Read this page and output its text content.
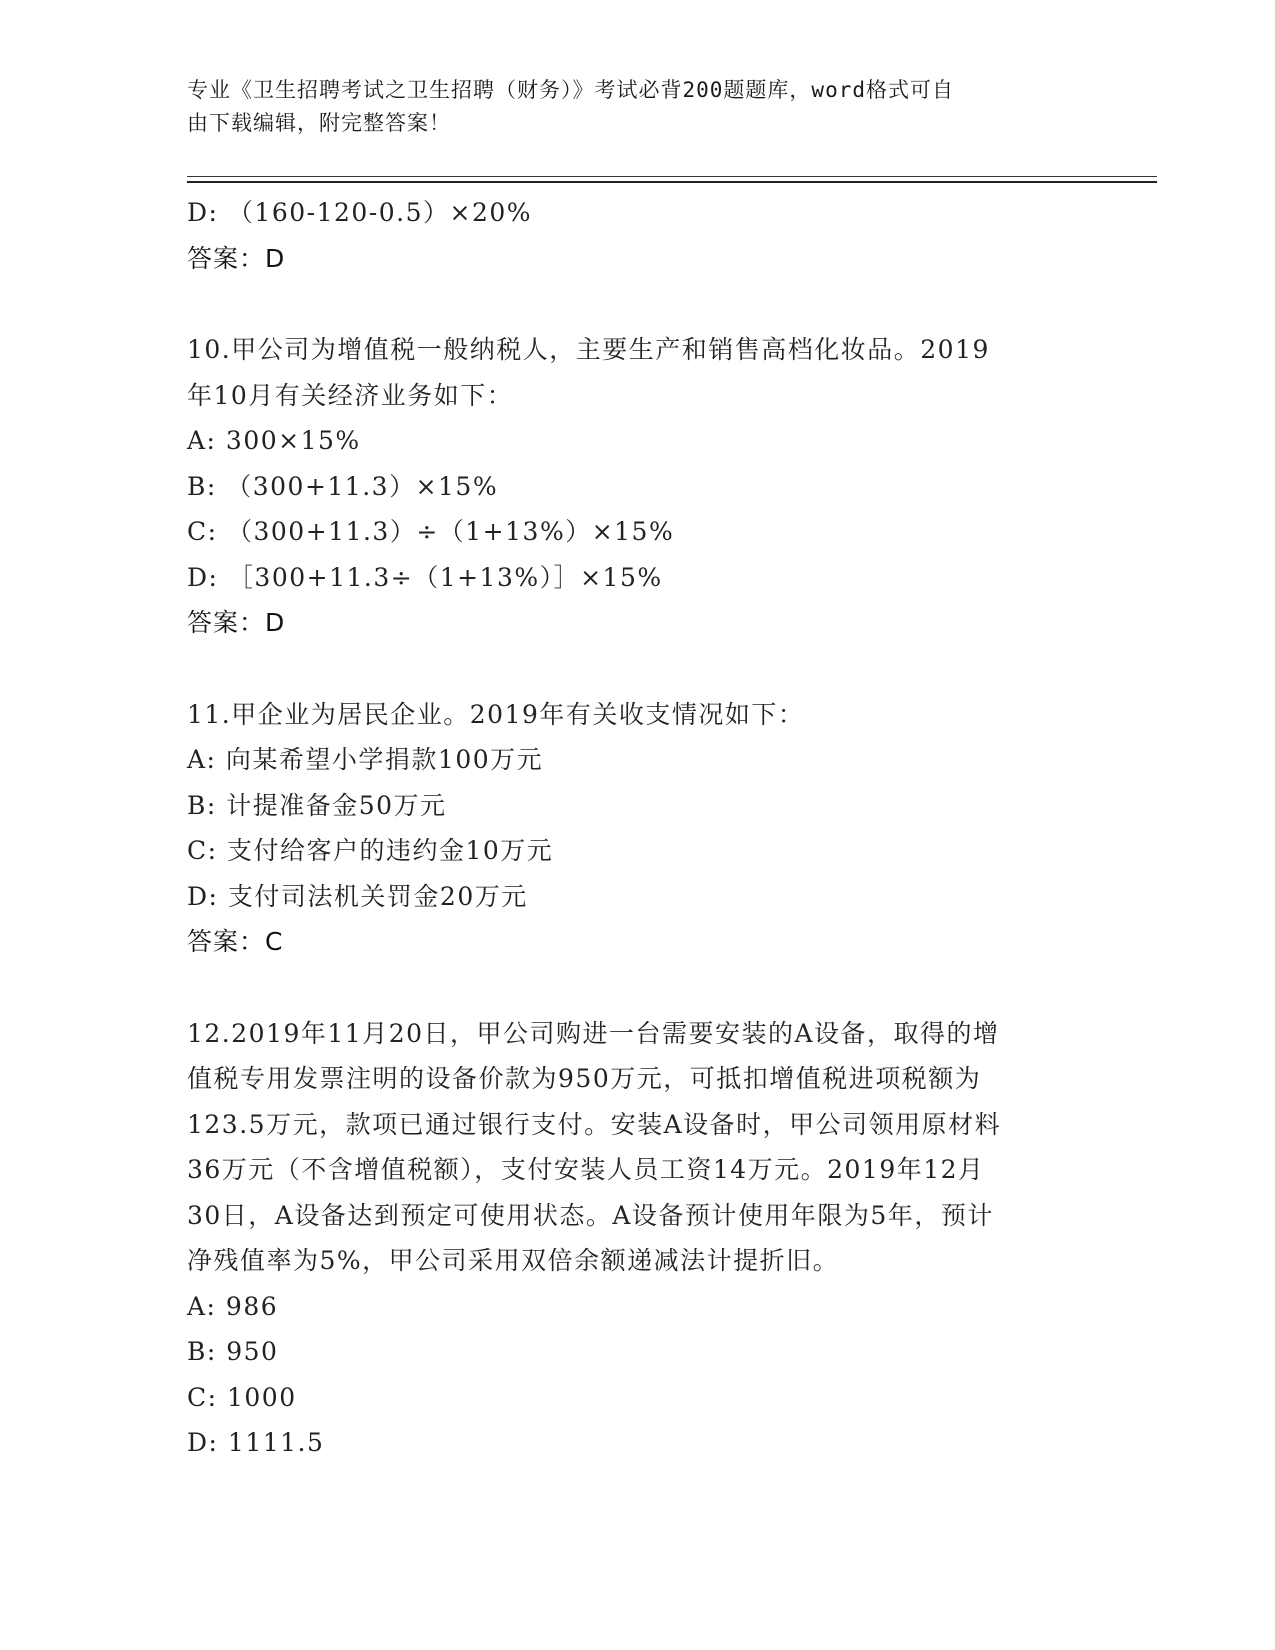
专业《卫生招聘考试之卫生招聘（财务）》考试必背200题题库，word格式可自
由下载编辑，附完整答案！
D: （160-120-0.5）×20%
答案：D
10.甲公司为增值税一般纳税人，主要生产和销售高档化妆品。2019
年10月有关经济业务如下：
A: 300×15%
B: （300+11.3）×15%
C: （300+11.3）÷（1+13%）×15%
D: ［300+11.3÷（1+13%）］×15%
答案：D
11.甲企业为居民企业。2019年有关收支情况如下：
A: 向某希望小学捐款100万元
B: 计提准备金50万元
C: 支付给客户的违约金10万元
D: 支付司法机关罚金20万元
答案：C
12.2019年11月20日，甲公司购进一台需要安装的A设备，取得的增
值税专用发票注明的设备价款为950万元，可抵扣增值税进项税额为
123.5万元，款项已通过银行支付。安装A设备时，甲公司领用原材料
36万元（不含增值税额），支付安装人员工资14万元。2019年12月
30日，A设备达到预定可使用状态。A设备预计使用年限为5年，预计
净残值率为5%，甲公司采用双倍余额递减法计提折旧。
A: 986
B: 950
C: 1000
D: 1111.5
